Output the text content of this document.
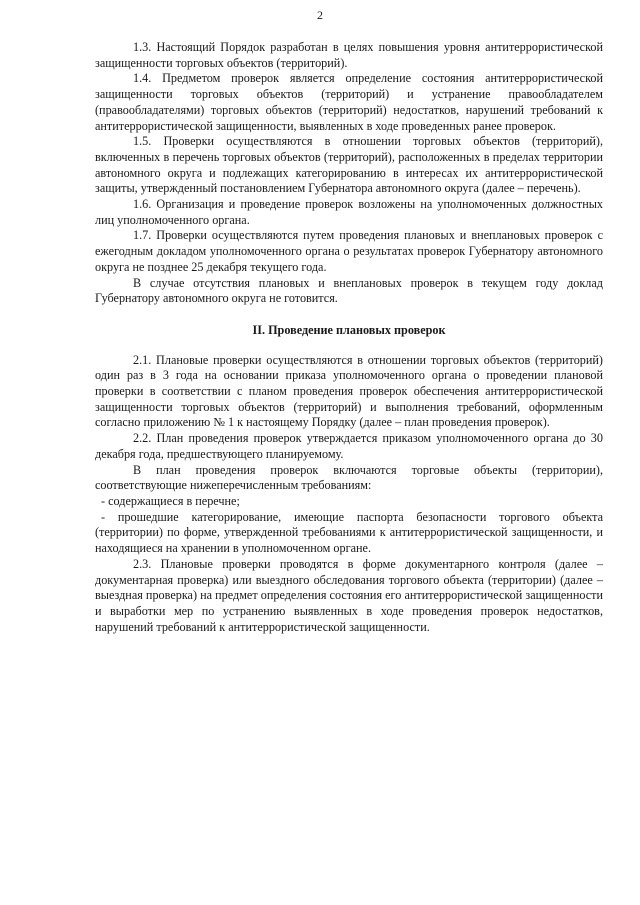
2

1.3. Настоящий Порядок разработан в целях повышения уровня антитеррористической защищенности торговых объектов (территорий).

1.4. Предметом проверок является определение состояния антитеррористической защищенности торговых объектов (территорий) и устранение правообладателем (правообладателями) торговых объектов (территорий) недостатков, нарушений требований к антитеррористической защищенности, выявленных в ходе проведенных ранее проверок.

1.5. Проверки осуществляются в отношении торговых объектов (территорий), включенных в перечень торговых объектов (территорий), расположенных в пределах территории автономного округа и подлежащих категорированию в интересах их антитеррористической защиты, утвержденный постановлением Губернатора автономного округа (далее – перечень).

1.6. Организация и проведение проверок возложены на уполномоченных должностных лиц уполномоченного органа.

1.7. Проверки осуществляются путем проведения плановых и внеплановых проверок с ежегодным докладом уполномоченного органа о результатах проверок Губернатору автономного округа не позднее 25 декабря текущего года.

В случае отсутствия плановых и внеплановых проверок в текущем году доклад Губернатору автономного округа не готовится.

II. Проведение плановых проверок

2.1. Плановые проверки осуществляются в отношении торговых объектов (территорий) один раз в 3 года на основании приказа уполномоченного органа о проведении плановой проверки в соответствии с планом проведения проверок обеспечения антитеррористической защищенности торговых объектов (территорий) и выполнения требований, оформленным согласно приложению № 1 к настоящему Порядку (далее – план проведения проверок).

2.2. План проведения проверок утверждается приказом уполномоченного органа до 30 декабря года, предшествующего планируемому.

В план проведения проверок включаются торговые объекты (территории), соответствующие нижеперечисленным требованиям:

- содержащиеся в перечне;

- прошедшие категорирование, имеющие паспорта безопасности торгового объекта (территории) по форме, утвержденной требованиями к антитеррористической защищенности, и находящиеся на хранении в уполномоченном органе.

2.3. Плановые проверки проводятся в форме документарного контроля (далее – документарная проверка) или выездного обследования торгового объекта (территории) (далее – выездная проверка) на предмет определения состояния его антитеррористической защищенности и выработки мер по устранению выявленных в ходе проведения проверок недостатков, нарушений требований к антитеррористической защищенности.
